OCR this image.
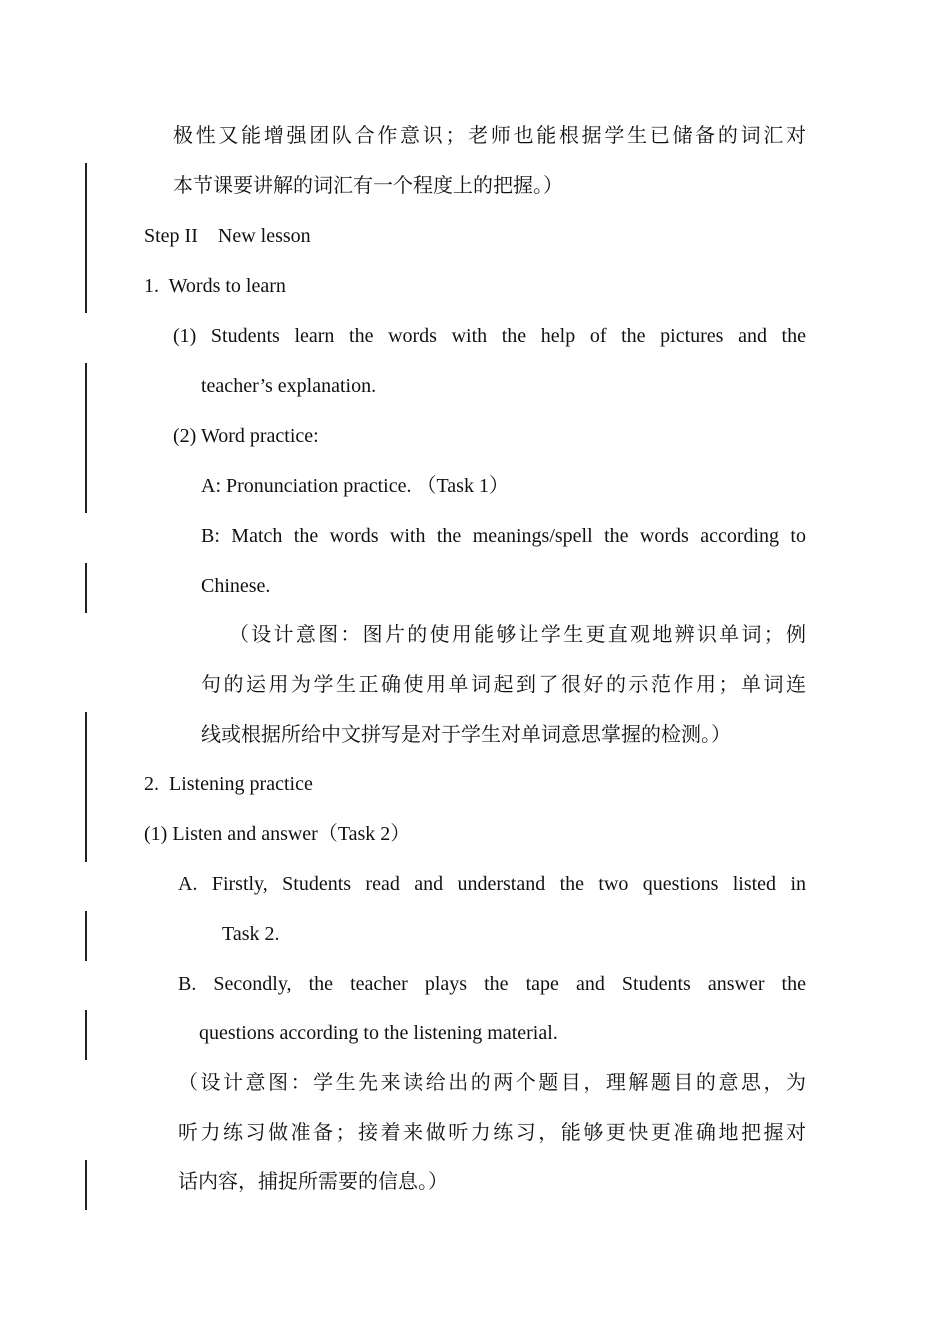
极性又能增强团队合作意识；老师也能根据学生已储备的词汇对
本节课要讲解的词汇有一个程度上的把握。）
Step II    New lesson
1.  Words to learn
(1) Students learn the words with the help of the pictures and the
teacher’s explanation.
(2) Word practice:
A: Pronunciation practice. （Task 1）
B: Match the words with the meanings/spell the words according to
Chinese.
（设计意图：图片的使用能够让学生更直观地辨识单词；例
句的运用为学生正确使用单词起到了很好的示范作用；单词连
线或根据所给中文拼写是对于学生对单词意思掌握的检测。）
2.  Listening practice
(1) Listen and answer（Task 2）
A. Firstly, Students read and understand the two questions listed in
Task 2.
B. Secondly, the teacher plays the tape and Students answer the
questions according to the listening material.
（设计意图：学生先来读给出的两个题目，理解题目的意思，为
听力练习做准备；接着来做听力练习，能够更快更准确地把握对
话内容，捕捉所需要的信息。）
